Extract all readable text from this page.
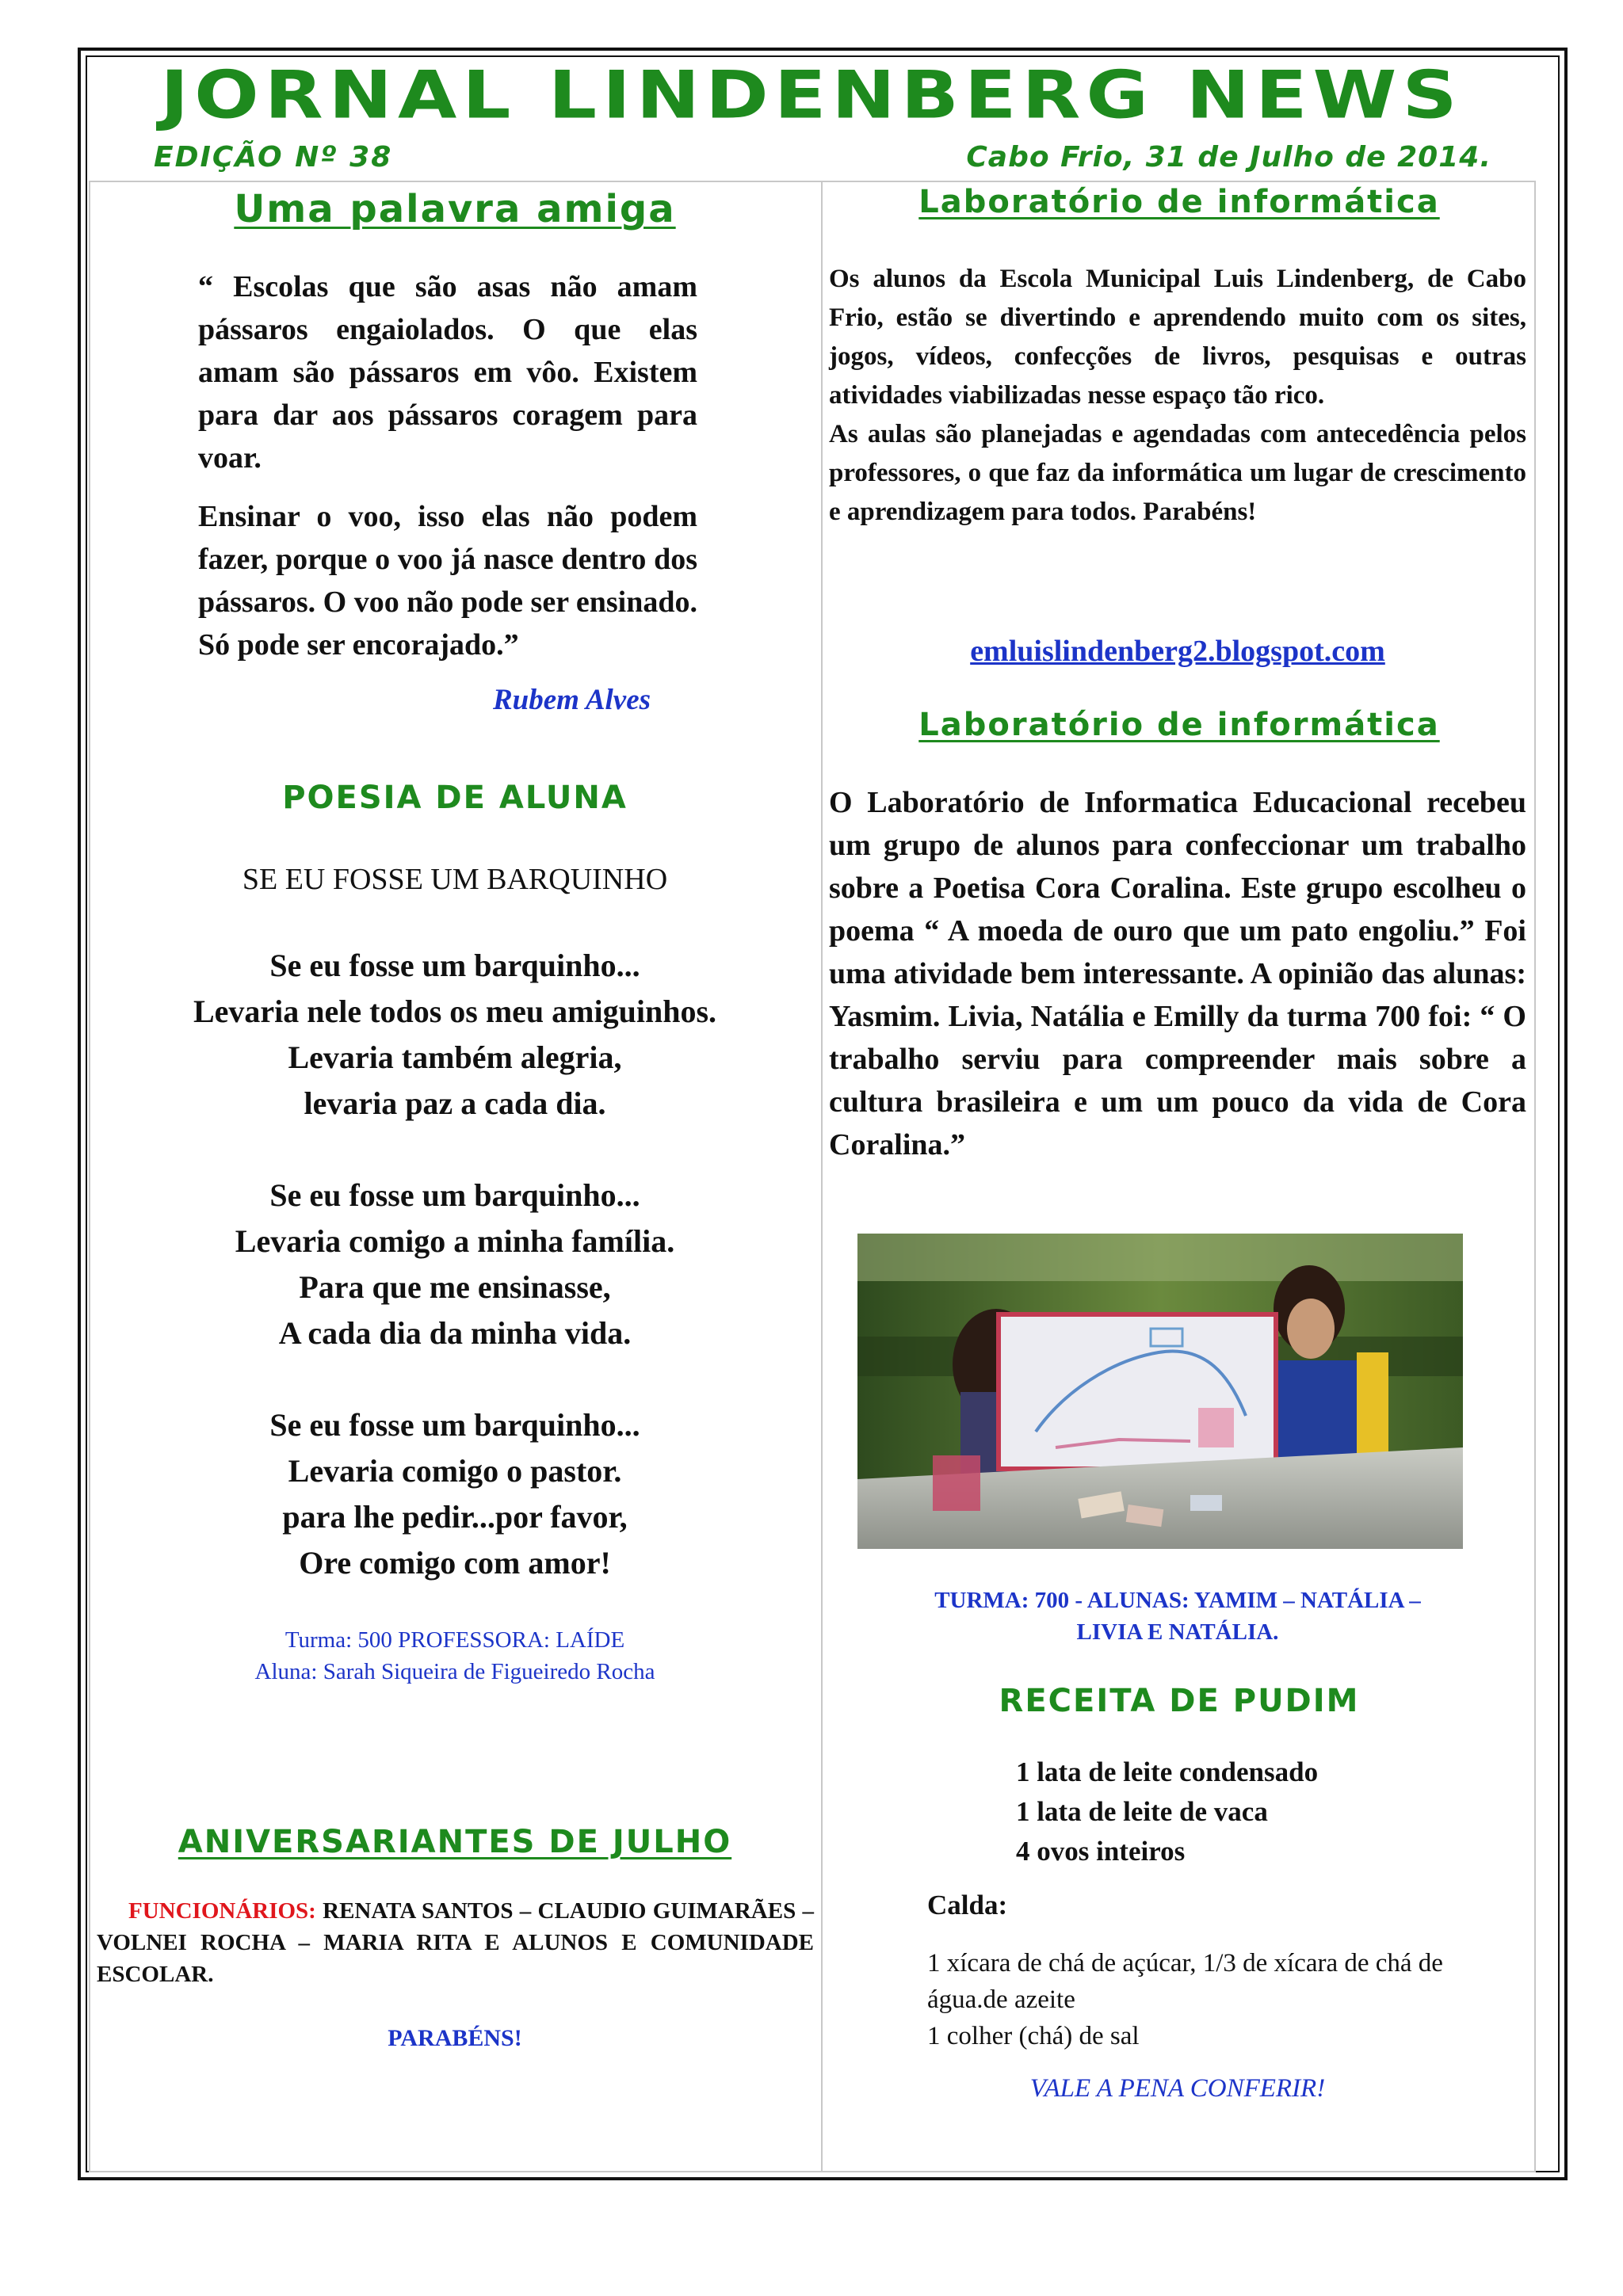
JORNAL LINDENBERG NEWS
EDIÇÃO Nº 38	Cabo Frio, 31 de Julho de 2014.
Uma palavra amiga

“ Escolas que são asas não amam pássaros engaiolados. O que elas amam são pássaros em vôo. Existem para dar aos pássaros coragem para voar.

Ensinar o voo, isso elas não podem fazer, porque o voo já nasce dentro dos pássaros. O voo não pode ser ensinado. Só pode ser encorajado.”

Rubem Alves
POESIA DE ALUNA
SE EU FOSSE UM BARQUINHO
Se eu fosse um barquinho...
Levaria nele todos os meu amiguinhos.
Levaria também alegria,
levaria paz a cada dia.
Se eu fosse um barquinho...
Levaria comigo a minha família.
Para que me ensinasse,
A cada dia da minha vida.
Se eu fosse um barquinho...
Levaria comigo o pastor.
para lhe pedir...por favor,
Ore comigo com amor!
Turma: 500 PROFESSORA: LAÍDE
Aluna: Sarah Siqueira de Figueiredo Rocha
ANIVERSARIANTES DE JULHO
FUNCIONÁRIOS: RENATA SANTOS – CLAUDIO GUIMARÃES – VOLNEI ROCHA – MARIA RITA E ALUNOS E COMUNIDADE ESCOLAR.
PARABÉNS!
Laboratório de informática

Os alunos da Escola Municipal Luis Lindenberg, de Cabo Frio, estão se divertindo e aprendendo muito com os sites, jogos, vídeos, confecções de livros, pesquisas e outras atividades viabilizadas nesse espaço tão rico.

As aulas são planejadas e agendadas com antecedência pelos professores, o que faz da informática um lugar de crescimento e aprendizagem para todos. Parabéns!

emluislindenberg2.blogspot.com
Laboratório de informática
O Laboratório de Informatica Educacional recebeu um grupo de alunos para confeccionar um trabalho sobre a Poetisa Cora Coralina. Este grupo escolheu o poema “ A moeda de ouro que um pato engoliu.” Foi uma atividade bem interessante. A opinião das alunas: Yasmim. Livia, Natália e Emilly da turma 700 foi: “ O trabalho serviu para compreender mais sobre a cultura brasileira e um um pouco da vida de Cora Coralina.”
TURMA: 700 - ALUNAS: YAMIM – NATÁLIA –
LIVIA E NATÁLIA.
RECEITA DE PUDIM
1 lata de leite condensado
1 lata de leite de vaca
4 ovos inteiros
Calda:
1 xícara de chá de açúcar, 1/3 de xícara de chá de água.de azeite
1 colher (chá) de sal
VALE A PENA CONFERIR!
